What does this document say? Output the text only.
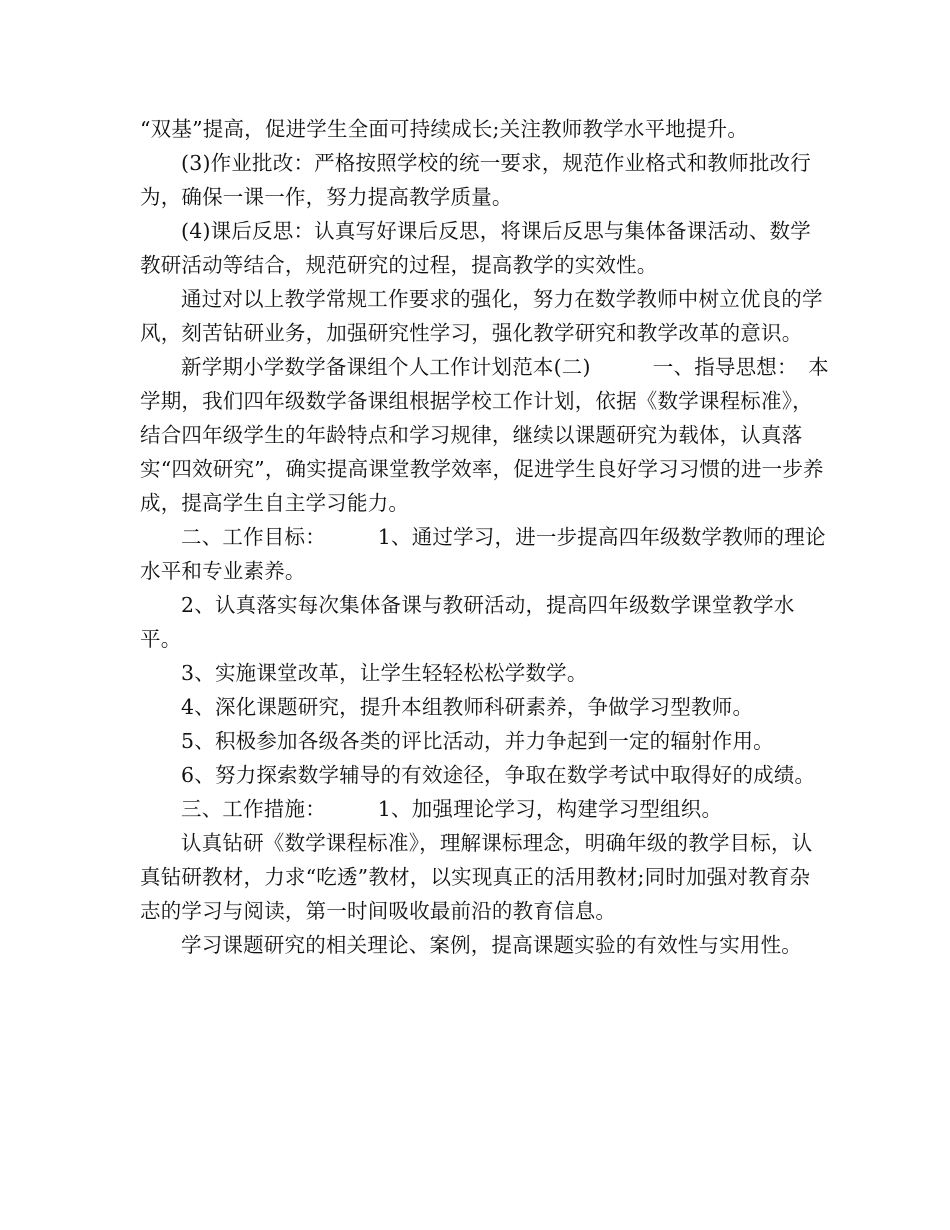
“双基”提高，促进学生全面可持续成长;关注教师教学水平地提升。

(3)作业批改：严格按照学校的统一要求，规范作业格式和教师批改行为，确保一课一作，努力提高教学质量。

(4)课后反思：认真写好课后反思，将课后反思与集体备课活动、数学教研活动等结合，规范研究的过程，提高教学的实效性。

通过对以上教学常规工作要求的强化，努力在数学教师中树立优良的学风，刻苦钻研业务，加强研究性学习，强化教学研究和教学改革的意识。

新学期小学数学备课组个人工作计划范本(二)　　　一、指导思想：　本学期，我们四年级数学备课组根据学校工作计划，依据《数学课程标准》，结合四年级学生的年龄特点和学习规律，继续以课题研究为载体，认真落实“四效研究”，确实提高课堂教学效率，促进学生良好学习习惯的进一步养成，提高学生自主学习能力。

二、工作目标：　　　1、通过学习，进一步提高四年级数学教师的理论水平和专业素养。

2、认真落实每次集体备课与教研活动，提高四年级数学课堂教学水平。

3、实施课堂改革，让学生轻轻松松学数学。

4、深化课题研究，提升本组教师科研素养，争做学习型教师。

5、积极参加各级各类的评比活动，并力争起到一定的辐射作用。

6、努力探索数学辅导的有效途径，争取在数学考试中取得好的成绩。

三、工作措施：　　　1、加强理论学习，构建学习型组织。

认真钻研《数学课程标准》，理解课标理念，明确年级的教学目标，认真钻研教材，力求“吃透”教材，以实现真正的活用教材;同时加强对教育杂志的学习与阅读，第一时间吸收最前沿的教育信息。

学习课题研究的相关理论、案例，提高课题实验的有效性与实用性。
